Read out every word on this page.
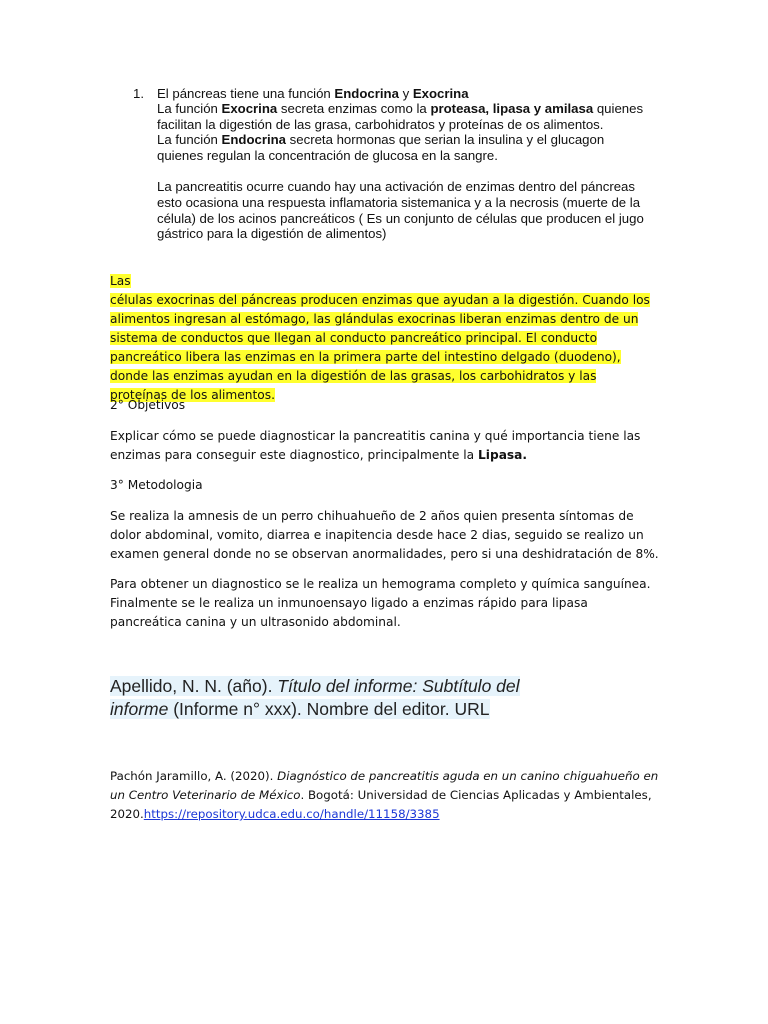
1. El páncreas tiene una función Endocrina y Exocrina

La función Exocrina secreta enzimas como la proteasa, lipasa y amilasa quienes facilitan la digestión de las grasa, carbohidratos y proteínas de os alimentos.

La función Endocrina secreta hormonas que serian la insulina y el glucagon quienes regulan la concentración de glucosa en la sangre.

La pancreatitis ocurre cuando hay una activación de enzimas dentro del páncreas esto ocasiona una respuesta inflamatoria sistemanica y a la necrosis (muerte de la célula) de los acinos pancreáticos ( Es un conjunto de células que producen el jugo gástrico para la digestión de alimentos)

Las
células exocrinas del páncreas producen enzimas que ayudan a la digestión. Cuando los alimentos ingresan al estómago, las glándulas exocrinas liberan enzimas dentro de un sistema de conductos que llegan al conducto pancreático principal. El conducto pancreático libera las enzimas en la primera parte del intestino delgado (duodeno), donde las enzimas ayudan en la digestión de las grasas, los carbohidratos y las proteínas de los alimentos.

2° Objetivos

Explicar cómo se puede diagnosticar la pancreatitis canina y qué importancia tiene las enzimas para conseguir este diagnostico, principalmente la Lipasa.

3° Metodologia

Se realiza la amnesis de un perro chihuahueño de 2 años quien presenta síntomas de dolor abdominal, vomito, diarrea e inapitencia desde hace 2 dias, seguido se realizo un examen general donde no se observan anormalidades, pero si una deshidratación de 8%.

Para obtener un diagnostico se le realiza un hemograma completo y química sanguínea. Finalmente se le realiza un inmunoensayo ligado a enzimas rápido para lipasa pancreática canina y un ultrasonido abdominal.

Apellido, N. N. (año). Título del informe: Subtítulo del informe (Informe n° xxx). Nombre del editor. URL

Pachón Jaramillo, A. (2020). Diagnóstico de pancreatitis aguda en un canino chiguahueño en un Centro Veterinario de México. Bogotá: Universidad de Ciencias Aplicadas y Ambientales, 2020.https://repository.udca.edu.co/handle/11158/3385
